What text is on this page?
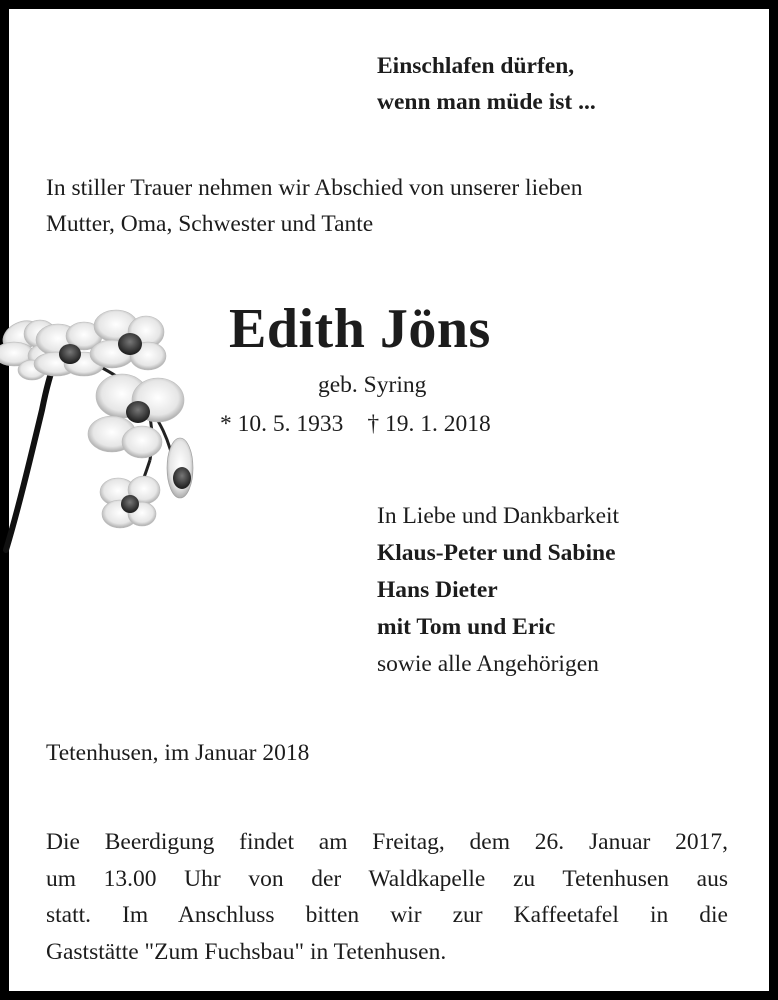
Einschlafen dürfen,
wenn man müde ist ...

In stiller Trauer nehmen wir Abschied von unserer lieben
Mutter, Oma, Schwester und Tante

Edith Jöns

geb. Syring

* 10. 5. 1933 † 19. 1. 2018

In Liebe und Dankbarkeit
Klaus-Peter und Sabine
Hans Dieter
mit Tom und Eric
sowie alle Angehörigen

Tetenhusen, im Januar 2018

Die Beerdigung findet am Freitag, dem 26. Januar 2017,
um 13.00 Uhr von der Waldkapelle zu Tetenhusen aus
statt. Im Anschluss bitten wir zur Kaffeetafel in die
Gaststätte "Zum Fuchsbau" in Tetenhusen.
